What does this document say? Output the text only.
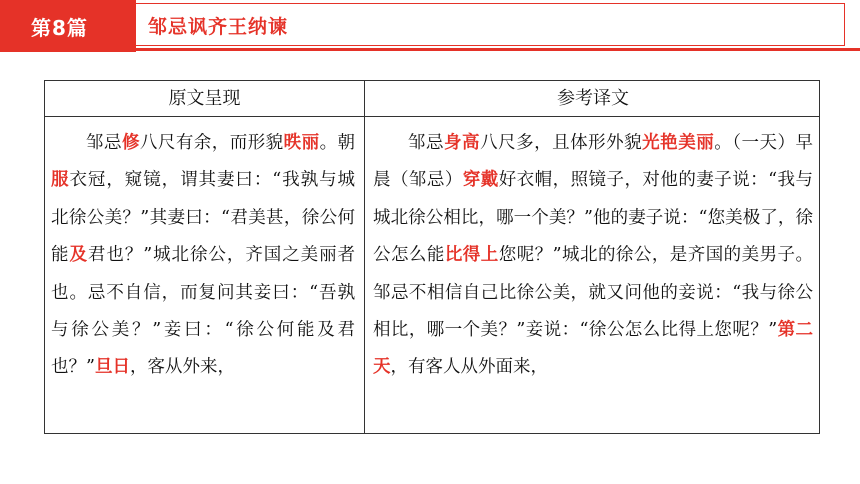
第8篇	邹忌讽齐王纳谏
原文呈现	参考译文

邹忌修八尺有余，而形貌昳丽。朝服衣冠，窥镜，谓其妻曰：“我孰与城北徐公美？”其妻曰：“君美甚，徐公何能及君也？”城北徐公，齐国之美丽者也。忌不自信，而复问其妾曰：“吾孰与徐公美？”妾曰：“徐公何能及君也？”旦日，客从外来，

邹忌身高八尺多，且体形外貌光艳美丽。（一天）早晨（邹忌）穿戴好衣帽，照镜子，对他的妻子说：“我与城北徐公相比，哪一个美？”他的妻子说：“您美极了，徐公怎么能比得上您呢？”城北的徐公，是齐国的美男子。邹忌不相信自己比徐公美，就又问他的妾说：“我与徐公相比，哪一个美？”妾说：“徐公怎么比得上您呢？”第二天，有客人从外面来，
